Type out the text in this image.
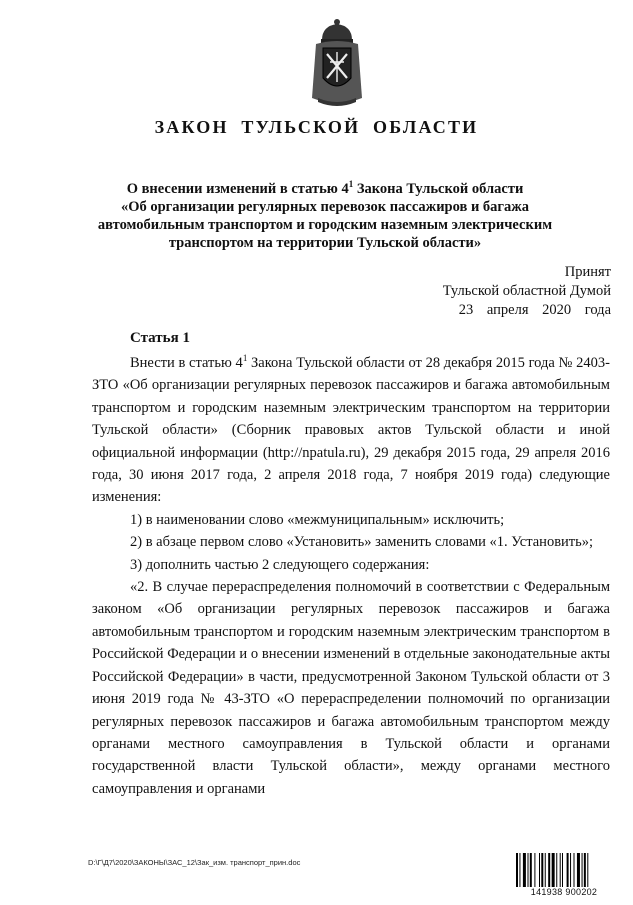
ЗАКОН ТУЛЬСКОЙ ОБЛАСТИ
О внесении изменений в статью $4^1$ Закона Тульской области
«Об организации регулярных перевозок пассажиров и багажа
автомобильным транспортом и городским наземным электрическим
транспортом на территории Тульской области»
Принят
Тульской областной Думой
23 апреля 2020 года
Статья 1

Внести в статью $4^1$ Закона Тульской области от 28 декабря 2015 года № 2403-ЗТО «Об организации регулярных перевозок пассажиров и багажа автомобильным транспортом и городским наземным электрическим транспортом на территории Тульской области» (Сборник правовых актов Тульской области и иной официальной информации (http://npatula.ru), 29 декабря 2015 года, 29 апреля 2016 года, 30 июня 2017 года, 2 апреля 2018 года, 7 ноября 2019 года) следующие изменения:

1) в наименовании слово «межмуниципальным» исключить;

2) в абзаце первом слово «Установить» заменить словами «1. Установить»;

3) дополнить частью 2 следующего содержания:

«2. В случае перераспределения полномочий в соответствии с Федеральным законом «Об организации регулярных перевозок пассажиров и багажа автомобильным транспортом и городским наземным электрическим транспортом в Российской Федерации и о внесении изменений в отдельные законодательные акты Российской Федерации» в части, предусмотренной Законом Тульской области от 3 июня 2019 года № 43-ЗТО «О перераспределении полномочий по организации регулярных перевозок пассажиров и багажа автомобильным транспортом между органами местного самоуправления в Тульской области и органами государственной власти Тульской области», между органами местного самоуправления и органами

D:\Г\Д7\2020\ЗАКОНЫ\ЗАС_12\Зак_изм. транспорт_прин.doc
141938 900202
